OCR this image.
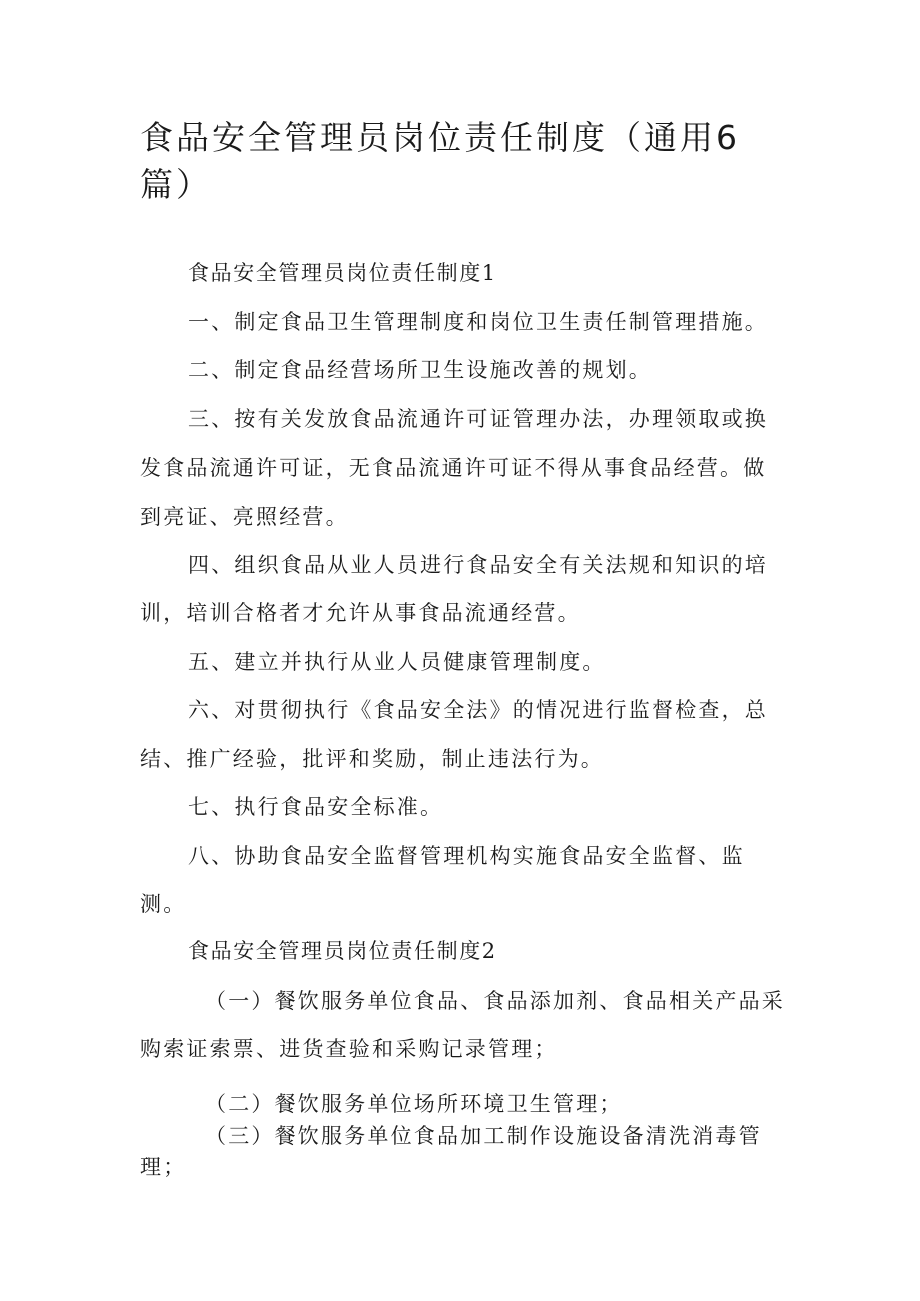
食品安全管理员岗位责任制度（通用6
篇）
食品安全管理员岗位责任制度1
一、制定食品卫生管理制度和岗位卫生责任制管理措施。
二、制定食品经营场所卫生设施改善的规划。
三、按有关发放食品流通许可证管理办法，办理领取或换
发食品流通许可证，无食品流通许可证不得从事食品经营。做
到亮证、亮照经营。
四、组织食品从业人员进行食品安全有关法规和知识的培
训，培训合格者才允许从事食品流通经营。
五、建立并执行从业人员健康管理制度。
六、对贯彻执行《食品安全法》的情况进行监督检查，总
结、推广经验，批评和奖励，制止违法行为。
七、执行食品安全标准。
八、协助食品安全监督管理机构实施食品安全监督、监
测。
食品安全管理员岗位责任制度2
（一）餐饮服务单位食品、食品添加剂、食品相关产品采
购索证索票、进货查验和采购记录管理；
（二）餐饮服务单位场所环境卫生管理；
（三）餐饮服务单位食品加工制作设施设备清洗消毒管
理；
